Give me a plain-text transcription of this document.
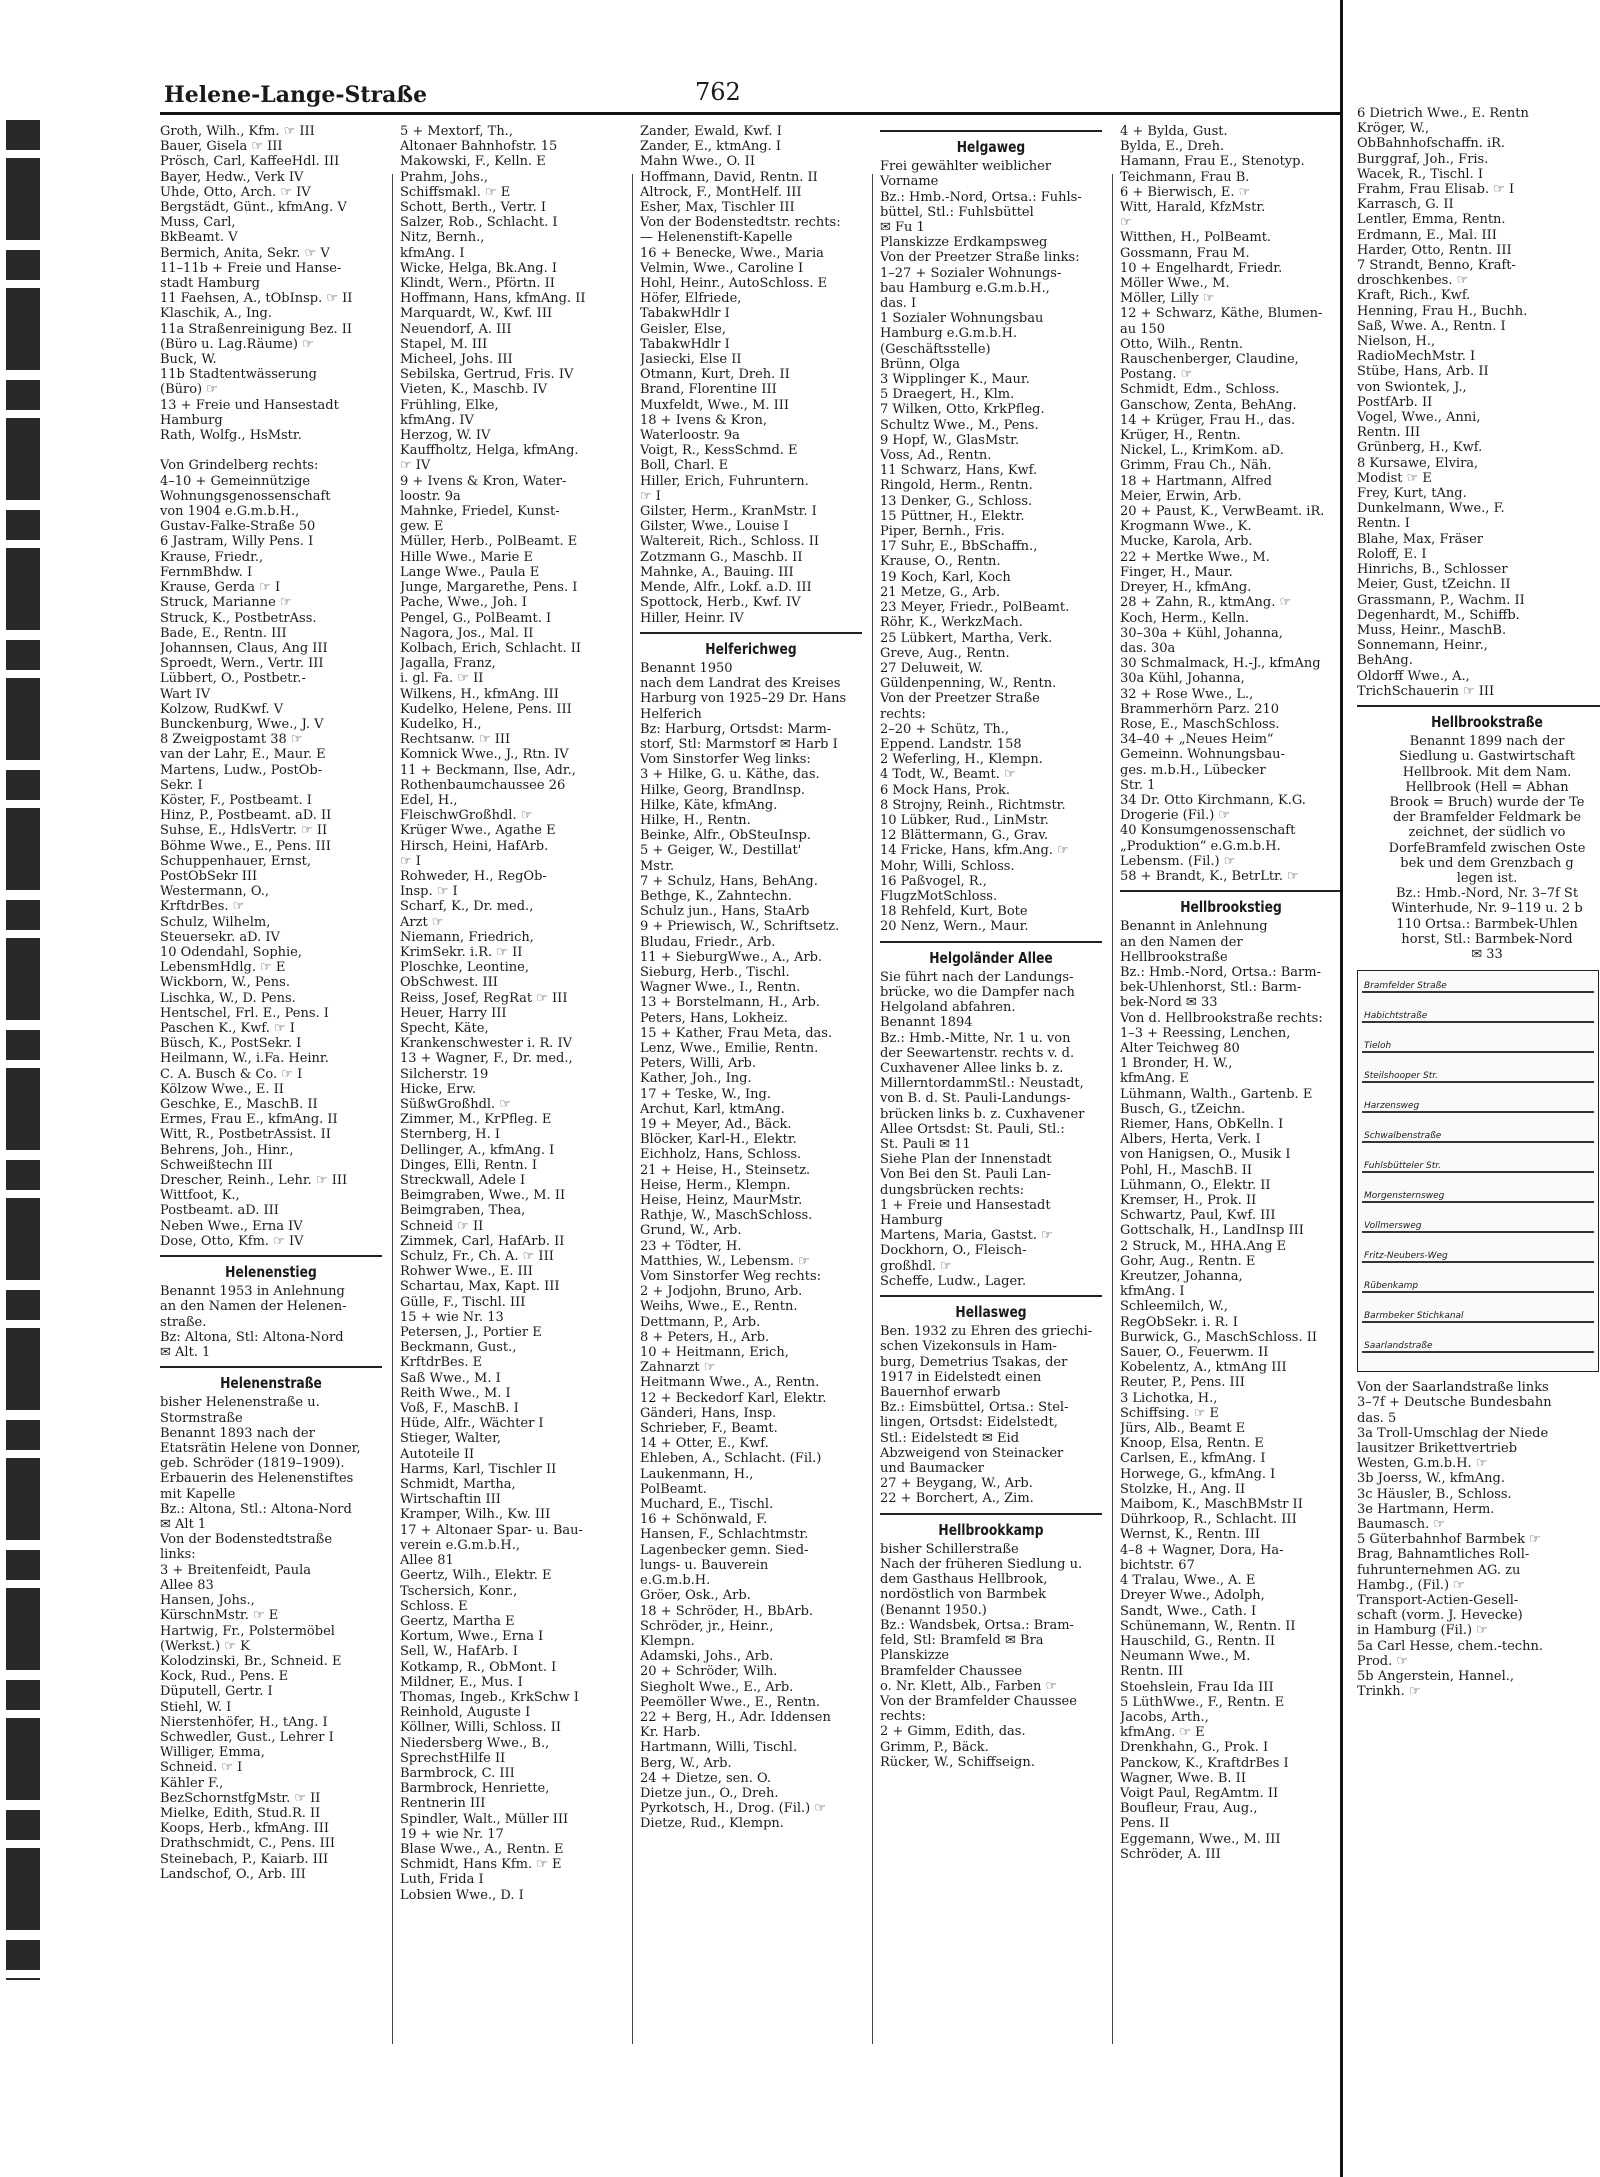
Helene-Lange-Straße	762
Groth, Wilh., Kfm. ☞ III
Bauer, Gisela ☞ III
Prösch, Carl, KaffeeHdl. III
Bayer, Hedw., Verk IV
Uhde, Otto, Arch. ☞ IV
Bergstädt, Günt., kfmAng. V
Muss, Carl,
BkBeamt. V
Bermich, Anita, Sekr. ☞ V
11–11b + Freie und Hanse-
stadt Hamburg
11 Faehsen, A., tObInsp. ☞ II
Klaschik, A., Ing.
11a Straßenreinigung Bez. II
(Büro u. Lag.Räume) ☞
Buck, W.
11b Stadtentwässerung
(Büro) ☞
13 + Freie und Hansestadt
Hamburg
Rath, Wolfg., HsMstr.

Von Grindelberg rechts:
4–10 + Gemeinnützige
Wohnungsgenossenschaft
von 1904 e.G.m.b.H.,
Gustav-Falke-Straße 50
6 Jastram, Willy Pens. I
Krause, Friedr.,
FernmBhdw. I
Krause, Gerda ☞ I
Struck, Marianne ☞
Struck, K., PostbetrAss.
Bade, E., Rentn. III
Johannsen, Claus, Ang III
Sproedt, Wern., Vertr. III
Lübbert, O., Postbetr.-
Wart IV
Kolzow, RudKwf. V
Bunckenburg, Wwe., J. V
8 Zweigpostamt 38 ☞
van der Lahr, E., Maur. E
Martens, Ludw., PostOb-
Sekr. I
Köster, F., Postbeamt. I
Hinz, P., Postbeamt. aD. II
Suhse, E., HdlsVertr. ☞ II
Böhme Wwe., E., Pens. III
Schuppenhauer, Ernst,
PostObSekr III
Westermann, O.,
KrftdrBes. ☞
Schulz, Wilhelm,
Steuersekr. aD. IV
10 Odendahl, Sophie,
LebensmHdlg. ☞ E
Wickborn, W., Pens.
Lischka, W., D. Pens.
Hentschel, Frl. E., Pens. I
Paschen K., Kwf. ☞ I
Büsch, K., PostSekr. I
Heilmann, W., i.Fa. Heinr.
C. A. Busch & Co. ☞ I
Kölzow Wwe., E. II
Geschke, E., MaschB. II
Ermes, Frau E., kfmAng. II
Witt, R., PostbetrAssist. II
Behrens, Joh., Hinr.,
Schweißtechn III
Drescher, Reinh., Lehr. ☞ III
Wittfoot, K.,
Postbeamt. aD. III
Neben Wwe., Erna IV
Dose, Otto, Kfm. ☞ IV
Helenenstieg
Benannt 1953 in Anlehnung
an den Namen der Helenen-
straße.
Bz: Altona, Stl: Altona-Nord
✉ Alt. 1
Helenenstraße
bisher Helenenstraße u.
Stormstraße
Benannt 1893 nach der
Etatsrätin Helene von Donner,
geb. Schröder (1819–1909).
Erbauerin des Helenenstiftes
mit Kapelle
Bz.: Altona, Stl.: Altona-Nord
✉ Alt 1
Von der Bodenstedtstraße
links:
3 + Breitenfeidt, Paula
Allee 83
Hansen, Johs.,
KürschnMstr. ☞ E
Hartwig, Fr., Polstermöbel
(Werkst.) ☞ K
Kolodzinski, Br., Schneid. E
Kock, Rud., Pens. E
Düputell, Gertr. I
Stiehl, W. I
Nierstenhöfer, H., tAng. I
Schwedler, Gust., Lehrer I
Williger, Emma,
Schneid. ☞ I
Kähler F.,
BezSchornstfgMstr. ☞ II
Mielke, Edith, Stud.R. II
Koops, Herb., kfmAng. III
Drathschmidt, C., Pens. III
Steinebach, P., Kaiarb. III
Landschof, O., Arb. III
5 + Mextorf, Th.,
Altonaer Bahnhofstr. 15
Makowski, F., Kelln. E
Prahm, Johs.,
Schiffsmakl. ☞ E
Schott, Berth., Vertr. I
Salzer, Rob., Schlacht. I
Nitz, Bernh.,
kfmAng. I
Wicke, Helga, Bk.Ang. I
Klindt, Wern., Pförtn. II
Hoffmann, Hans, kfmAng. II
Marquardt, W., Kwf. III
Neuendorf, A. III
Stapel, M. III
Micheel, Johs. III
Sebilska, Gertrud, Fris. IV
Vieten, K., Maschb. IV
Frühling, Elke,
kfmAng. IV
Herzog, W. IV
Kauffholtz, Helga, kfmAng.
☞ IV
9 + Ivens & Kron, Water-
loostr. 9a
Mahnke, Friedel, Kunst-
gew. E
Müller, Herb., PolBeamt. E
Hille Wwe., Marie E
Lange Wwe., Paula E
Junge, Margarethe, Pens. I
Pache, Wwe., Joh. I
Pengel, G., PolBeamt. I
Nagora, Jos., Mal. II
Kolbach, Erich, Schlacht. II
Jagalla, Franz,
i. gl. Fa. ☞ II
Wilkens, H., kfmAng. III
Kudelko, Helene, Pens. III
Kudelko, H.,
Rechtsanw. ☞ III
Komnick Wwe., J., Rtn. IV
11 + Beckmann, Ilse, Adr.,
Rothenbaumchaussee 26
Edel, H.,
FleischwGroßhdl. ☞
Krüger Wwe., Agathe E
Hirsch, Heini, HafArb.
☞ I
Rohweder, H., RegOb-
Insp. ☞ I
Scharf, K., Dr. med.,
Arzt ☞
Niemann, Friedrich,
KrimSekr. i.R. ☞ II
Ploschke, Leontine,
ObSchwest. III
Reiss, Josef, RegRat ☞ III
Heuer, Harry III
Specht, Käte,
Krankenschwester i. R. IV
13 + Wagner, F., Dr. med.,
Silcherstr. 19
Hicke, Erw.
SüßwGroßhdl. ☞
Zimmer, M., KrPfleg. E
Sternberg, H. I
Dellinger, A., kfmAng. I
Dinges, Elli, Rentn. I
Streckwall, Adele I
Beimgraben, Wwe., M. II
Beimgraben, Thea,
Schneid ☞ II
Zimmek, Carl, HafArb. II
Schulz, Fr., Ch. A. ☞ III
Rohwer Wwe., E. III
Schartau, Max, Kapt. III
Gülle, F., Tischl. III
15 + wie Nr. 13
Petersen, J., Portier E
Beckmann, Gust.,
KrftdrBes. E
Saß Wwe., M. I
Reith Wwe., M. I
Voß, F., MaschB. I
Hüde, Alfr., Wächter I
Stieger, Walter,
Autoteile II
Harms, Karl, Tischler II
Schmidt, Martha,
Wirtschaftin III
Kramper, Wilh., Kw. III
17 + Altonaer Spar- u. Bau-
verein e.G.m.b.H.,
Allee 81
Geertz, Wilh., Elektr. E
Tschersich, Konr.,
Schloss. E
Geertz, Martha E
Kortum, Wwe., Erna I
Sell, W., HafArb. I
Kotkamp, R., ObMont. I
Mildner, E., Mus. I
Thomas, Ingeb., KrkSchw I
Reinhold, Auguste I
Köllner, Willi, Schloss. II
Niedersberg Wwe., B.,
SprechstHilfe II
Barmbrock, C. III
Barmbrock, Henriette,
Rentnerin III
Spindler, Walt., Müller III
19 + wie Nr. 17
Blase Wwe., A., Rentn. E
Schmidt, Hans Kfm. ☞ E
Luth, Frida I
Lobsien Wwe., D. I
Zander, Ewald, Kwf. I
Zander, E., ktmAng. I
Mahn Wwe., O. II
Hoffmann, David, Rentn. II
Altrock, F., MontHelf. III
Esher, Max, Tischler III
Von der Bodenstedtstr. rechts:
— Helenenstift-Kapelle
16 + Benecke, Wwe., Maria
Velmin, Wwe., Caroline I
Hohl, Heinr., AutoSchloss. E
Höfer, Elfriede,
TabakwHdlr I
Geisler, Else,
TabakwHdlr I
Jasiecki, Else II
Otmann, Kurt, Dreh. II
Brand, Florentine III
Muxfeldt, Wwe., M. III
18 + Ivens & Kron,
Waterloostr. 9a
Voigt, R., KessSchmd. E
Boll, Charl. E
Hiller, Erich, Fuhruntern.
☞ I
Gilster, Herm., KranMstr. I
Gilster, Wwe., Louise I
Waltereit, Rich., Schloss. II
Zotzmann G., Maschb. II
Mahnke, A., Bauing. III
Mende, Alfr., Lokf. a.D. III
Spottock, Herb., Kwf. IV
Hiller, Heinr. IV
Helferichweg
Benannt 1950
nach dem Landrat des Kreises
Harburg von 1925–29 Dr. Hans
Helferich
Bz: Harburg, Ortsdst: Marm-
storf, Stl: Marmstorf ✉ Harb I
Vom Sinstorfer Weg links:
3 + Hilke, G. u. Käthe, das.
Hilke, Georg, BrandInsp.
Hilke, Käte, kfmAng.
Hilke, H., Rentn.
Beinke, Alfr., ObSteuInsp.
5 + Geiger, W., Destillat'
Mstr.
7 + Schulz, Hans, BehAng.
Bethge, K., Zahntechn.
Schulz jun., Hans, StaArb
9 + Priewisch, W., Schriftsetz.
Bludau, Friedr., Arb.
11 + SieburgWwe., A., Arb.
Sieburg, Herb., Tischl.
Wagner Wwe., I., Rentn.
13 + Borstelmann, H., Arb.
Peters, Hans, Lokheiz.
15 + Kather, Frau Meta, das.
Lenz, Wwe., Emilie, Rentn.
Peters, Willi, Arb.
Kather, Joh., Ing.
17 + Teske, W., Ing.
Archut, Karl, ktmAng.
19 + Meyer, Ad., Bäck.
Blöcker, Karl-H., Elektr.
Eichholz, Hans, Schloss.
21 + Heise, H., Steinsetz.
Heise, Herm., Klempn.
Heise, Heinz, MaurMstr.
Rathje, W., MaschSchloss.
Grund, W., Arb.
23 + Tödter, H.
Matthies, W., Lebensm. ☞
Vom Sinstorfer Weg rechts:
2 + Jodjohn, Bruno, Arb.
Weihs, Wwe., E., Rentn.
Dettmann, P., Arb.
8 + Peters, H., Arb.
10 + Heitmann, Erich,
Zahnarzt ☞
Heitmann Wwe., A., Rentn.
12 + Beckedorf Karl, Elektr.
Gänderi, Hans, Insp.
Schrieber, F., Beamt.
14 + Otter, E., Kwf.
Ehleben, A., Schlacht. (Fil.)
Laukenmann, H.,
PolBeamt.
Muchard, E., Tischl.
16 + Schönwald, F.
Hansen, F., Schlachtmstr.
Lagenbecker gemn. Sied-
lungs- u. Bauverein
e.G.m.b.H.
Gröer, Osk., Arb.
18 + Schröder, H., BbArb.
Schröder, jr., Heinr.,
Klempn.
Adamski, Johs., Arb.
20 + Schröder, Wilh.
Siegholt Wwe., E., Arb.
Peemöller Wwe., E., Rentn.
22 + Berg, H., Adr. Iddensen
Kr. Harb.
Hartmann, Willi, Tischl.
Berg, W., Arb.
24 + Dietze, sen. O.
Dietze jun., O., Dreh.
Pyrkotsch, H., Drog. (Fil.) ☞
Dietze, Rud., Klempn.
Helgaweg
Frei gewählter weiblicher
Vorname
Bz.: Hmb.-Nord, Ortsa.: Fuhls-
büttel, Stl.: Fuhlsbüttel
✉ Fu 1
Planskizze Erdkampsweg
Von der Preetzer Straße links:
1–27 + Sozialer Wohnungs-
bau Hamburg e.G.m.b.H.,
das. I
1 Sozialer Wohnungsbau
Hamburg e.G.m.b.H.
(Geschäftsstelle)
Brünn, Olga
3 Wipplinger K., Maur.
5 Draegert, H., Klm.
7 Wilken, Otto, KrkPfleg.
Schultz Wwe., M., Pens.
9 Hopf, W., GlasMstr.
Voss, Ad., Rentn.
11 Schwarz, Hans, Kwf.
Ringold, Herm., Rentn.
13 Denker, G., Schloss.
15 Püttner, H., Elektr.
Piper, Bernh., Fris.
17 Suhr, E., BbSchaffn.,
Krause, O., Rentn.
19 Koch, Karl, Koch
21 Metze, G., Arb.
23 Meyer, Friedr., PolBeamt.
Röhr, K., WerkzMach.
25 Lübkert, Martha, Verk.
Greve, Aug., Rentn.
27 Deluweit, W.
Güldenpenning, W., Rentn.
Von der Preetzer Straße
rechts:
2–20 + Schütz, Th.,
Eppend. Landstr. 158
2 Weferling, H., Klempn.
4 Todt, W., Beamt. ☞
6 Mock Hans, Prok.
8 Strojny, Reinh., Richtmstr.
10 Lübker, Rud., LinMstr.
12 Blättermann, G., Grav.
14 Fricke, Hans, kfm.Ang. ☞
Mohr, Willi, Schloss.
16 Paßvogel, R.,
FlugzMotSchloss.
18 Rehfeld, Kurt, Bote
20 Nenz, Wern., Maur.
Helgoländer Allee
Sie führt nach der Landungs-
brücke, wo die Dampfer nach
Helgoland abfahren.
Benannt 1894
Bz.: Hmb.-Mitte, Nr. 1 u. von
der Seewartenstr. rechts v. d.
Cuxhavener Allee links b. z.
MillerntordammStl.: Neustadt,
von B. d. St. Pauli-Landungs-
brücken links b. z. Cuxhavener
Allee Ortsdst: St. Pauli, Stl.:
St. Pauli ✉ 11
Siehe Plan der Innenstadt
Von Bei den St. Pauli Lan-
dungsbrücken rechts:
1 + Freie und Hansestadt
Hamburg
Martens, Maria, Gastst. ☞
Dockhorn, O., Fleisch-
großhdl. ☞
Scheffe, Ludw., Lager.
Hellasweg
Ben. 1932 zu Ehren des griechi-
schen Vizekonsuls in Ham-
burg, Demetrius Tsakas, der
1917 in Eidelstedt einen
Bauernhof erwarb
Bz.: Eimsbüttel, Ortsa.: Stel-
lingen, Ortsdst: Eidelstedt,
Stl.: Eidelstedt ✉ Eid
Abzweigend von Steinacker
und Baumacker
27 + Beygang, W., Arb.
22 + Borchert, A., Zim.
Hellbrookkamp
bisher Schillerstraße
Nach der früheren Siedlung u.
dem Gasthaus Hellbrook,
nordöstlich von Barmbek
(Benannt 1950.)
Bz.: Wandsbek, Ortsa.: Bram-
feld, Stl: Bramfeld ✉ Bra
Planskizze
Bramfelder Chaussee
o. Nr. Klett, Alb., Farben ☞
Von der Bramfelder Chaussee
rechts:
2 + Gimm, Edith, das.
Grimm, P., Bäck.
Rücker, W., Schiffseign.
4 + Bylda, Gust.
Bylda, E., Dreh.
Hamann, Frau E., Stenotyp.
Teichmann, Frau B.
6 + Bierwisch, E. ☞
Witt, Harald, KfzMstr.
☞
Witthen, H., PolBeamt.
Gossmann, Frau M.
10 + Engelhardt, Friedr.
Möller Wwe., M.
Möller, Lilly ☞
12 + Schwarz, Käthe, Blumen-
au 150
Otto, Wilh., Rentn.
Rauschenberger, Claudine,
Postang. ☞
Schmidt, Edm., Schloss.
Ganschow, Zenta, BehAng.
14 + Krüger, Frau H., das.
Krüger, H., Rentn.
Nickel, L., KrimKom. aD.
Grimm, Frau Ch., Näh.
18 + Hartmann, Alfred
Meier, Erwin, Arb.
20 + Paust, K., VerwBeamt. iR.
Krogmann Wwe., K.
Mucke, Karola, Arb.
22 + Mertke Wwe., M.
Finger, H., Maur.
Dreyer, H., kfmAng.
28 + Zahn, R., ktmAng. ☞
Koch, Herm., Kelln.
30–30a + Kühl, Johanna,
das. 30a
30 Schmalmack, H.-J., kfmAng
30a Kühl, Johanna,
32 + Rose Wwe., L.,
Brammerhörn Parz. 210
Rose, E., MaschSchloss.
34–40 + „Neues Heim“
Gemeinn. Wohnungsbau-
ges. m.b.H., Lübecker
Str. 1
34 Dr. Otto Kirchmann, K.G.
Drogerie (Fil.) ☞
40 Konsumgenossenschaft
„Produktion“ e.G.m.b.H.
Lebensm. (Fil.) ☞
58 + Brandt, K., BetrLtr. ☞
Hellbrookstieg
Benannt in Anlehnung
an den Namen der
Hellbrookstraße
Bz.: Hmb.-Nord, Ortsa.: Barm-
bek-Uhlenhorst, Stl.: Barm-
bek-Nord ✉ 33
Von d. Hellbrookstraße rechts:
1–3 + Reessing, Lenchen,
Alter Teichweg 80
1 Bronder, H. W.,
kfmAng. E
Lühmann, Walth., Gartenb. E
Busch, G., tZeichn.
Riemer, Hans, ObKelln. I
Albers, Herta, Verk. I
von Hanigsen, O., Musik I
Pohl, H., MaschB. II
Lühmann, O., Elektr. II
Kremser, H., Prok. II
Schwartz, Paul, Kwf. III
Gottschalk, H., LandInsp III
2 Struck, M., HHA.Ang E
Gohr, Aug., Rentn. E
Kreutzer, Johanna,
kfmAng. I
Schleemilch, W.,
RegObSekr. i. R. I
Burwick, G., MaschSchloss. II
Sauer, O., Feuerwm. II
Kobelentz, A., ktmAng III
Reuter, P., Pens. III
3 Lichotka, H.,
Schiffsing. ☞ E
Jürs, Alb., Beamt E
Knoop, Elsa, Rentn. E
Carlsen, E., kfmAng. I
Horwege, G., kfmAng. I
Stolzke, H., Ang. II
Maibom, K., MaschBMstr II
Dührkoop, R., Schlacht. III
Wernst, K., Rentn. III
4–8 + Wagner, Dora, Ha-
bichtstr. 67
4 Tralau, Wwe., A. E
Dreyer Wwe., Adolph,
Sandt, Wwe., Cath. I
Schünemann, W., Rentn. II
Hauschild, G., Rentn. II
Neumann Wwe., M.
Rentn. III
Stoehslein, Frau Ida III
5 LüthWwe., F., Rentn. E
Jacobs, Arth.,
kfmAng. ☞ E
Drenkhahn, G., Prok. I
Panckow, K., KraftdrBes I
Wagner, Wwe. B. II
Voigt Paul, RegAmtm. II
Boufleur, Frau, Aug.,
Pens. II
Eggemann, Wwe., M. III
Schröder, A. III
6 Dietrich Wwe., E. Rentn
Kröger, W.,
ObBahnhofschaffn. iR.
Burggraf, Joh., Fris.
Wacek, R., Tischl. I
Frahm, Frau Elisab. ☞ I
Karrasch, G. II
Lentler, Emma, Rentn.
Erdmann, E., Mal. III
Harder, Otto, Rentn. III
7 Strandt, Benno, Kraft-
droschkenbes. ☞
Kraft, Rich., Kwf.
Henning, Frau H., Buchh.
Saß, Wwe. A., Rentn. I
Nielson, H.,
RadioMechMstr. I
Stübe, Hans, Arb. II
von Swiontek, J.,
PostfArb. II
Vogel, Wwe., Anni,
Rentn. III
Grünberg, H., Kwf.
8 Kursawe, Elvira,
Modist ☞ E
Frey, Kurt, tAng.
Dunkelmann, Wwe., F.
Rentn. I
Blahe, Max, Fräser
Roloff, E. I
Hinrichs, B., Schlosser
Meier, Gust, tZeichn. II
Grassmann, P., Wachm. II
Degenhardt, M., Schiffb.
Muss, Heinr., MaschB.
Sonnemann, Heinr.,
BehAng.
Oldorff Wwe., A.,
TrichSchauerin ☞ III
Hellbrookstraße
Benannt 1899 nach der
Siedlung u. Gastwirtschaft
Hellbrook. Mit dem Nam.
Hellbrook (Hell = Abhan
Brook = Bruch) wurde der Te
der Bramfelder Feldmark be
zeichnet, der südlich vo
DorfeBramfeld zwischen Oste
bek und dem Grenzbach g
legen ist.
Bz.: Hmb.-Nord, Nr. 3–7f St
Winterhude, Nr. 9–119 u. 2 b
110 Ortsa.: Barmbek-Uhlen
horst, Stl.: Barmbek-Nord
✉ 33
Bramfelder Straße
Habichtstraße
Tieloh
Steilshooper Str.
Harzensweg
Schwalbenstraße
Fuhlsbütteler Str.
Morgensternsweg
Vollmersweg
Fritz-Neubers-Weg
Rübenkamp
Barmbeker Stichkanal
Saarlandstraße
Von der Saarlandstraße links
3–7f + Deutsche Bundesbahn
das. 5
3a Troll-Umschlag der Niede
lausitzer Brikettvertrieb
Westen, G.m.b.H. ☞
3b Joerss, W., kfmAng.
3c Häusler, B., Schloss.
3e Hartmann, Herm.
Baumasch. ☞
5 Güterbahnhof Barmbek ☞
Brag, Bahnamtliches Roll-
fuhrunternehmen AG. zu
Hambg., (Fil.) ☞
Transport-Actien-Gesell-
schaft (vorm. J. Hevecke)
in Hamburg (Fil.) ☞
5a Carl Hesse, chem.-techn.
Prod. ☞
5b Angerstein, Hannel.,
Trinkh. ☞
